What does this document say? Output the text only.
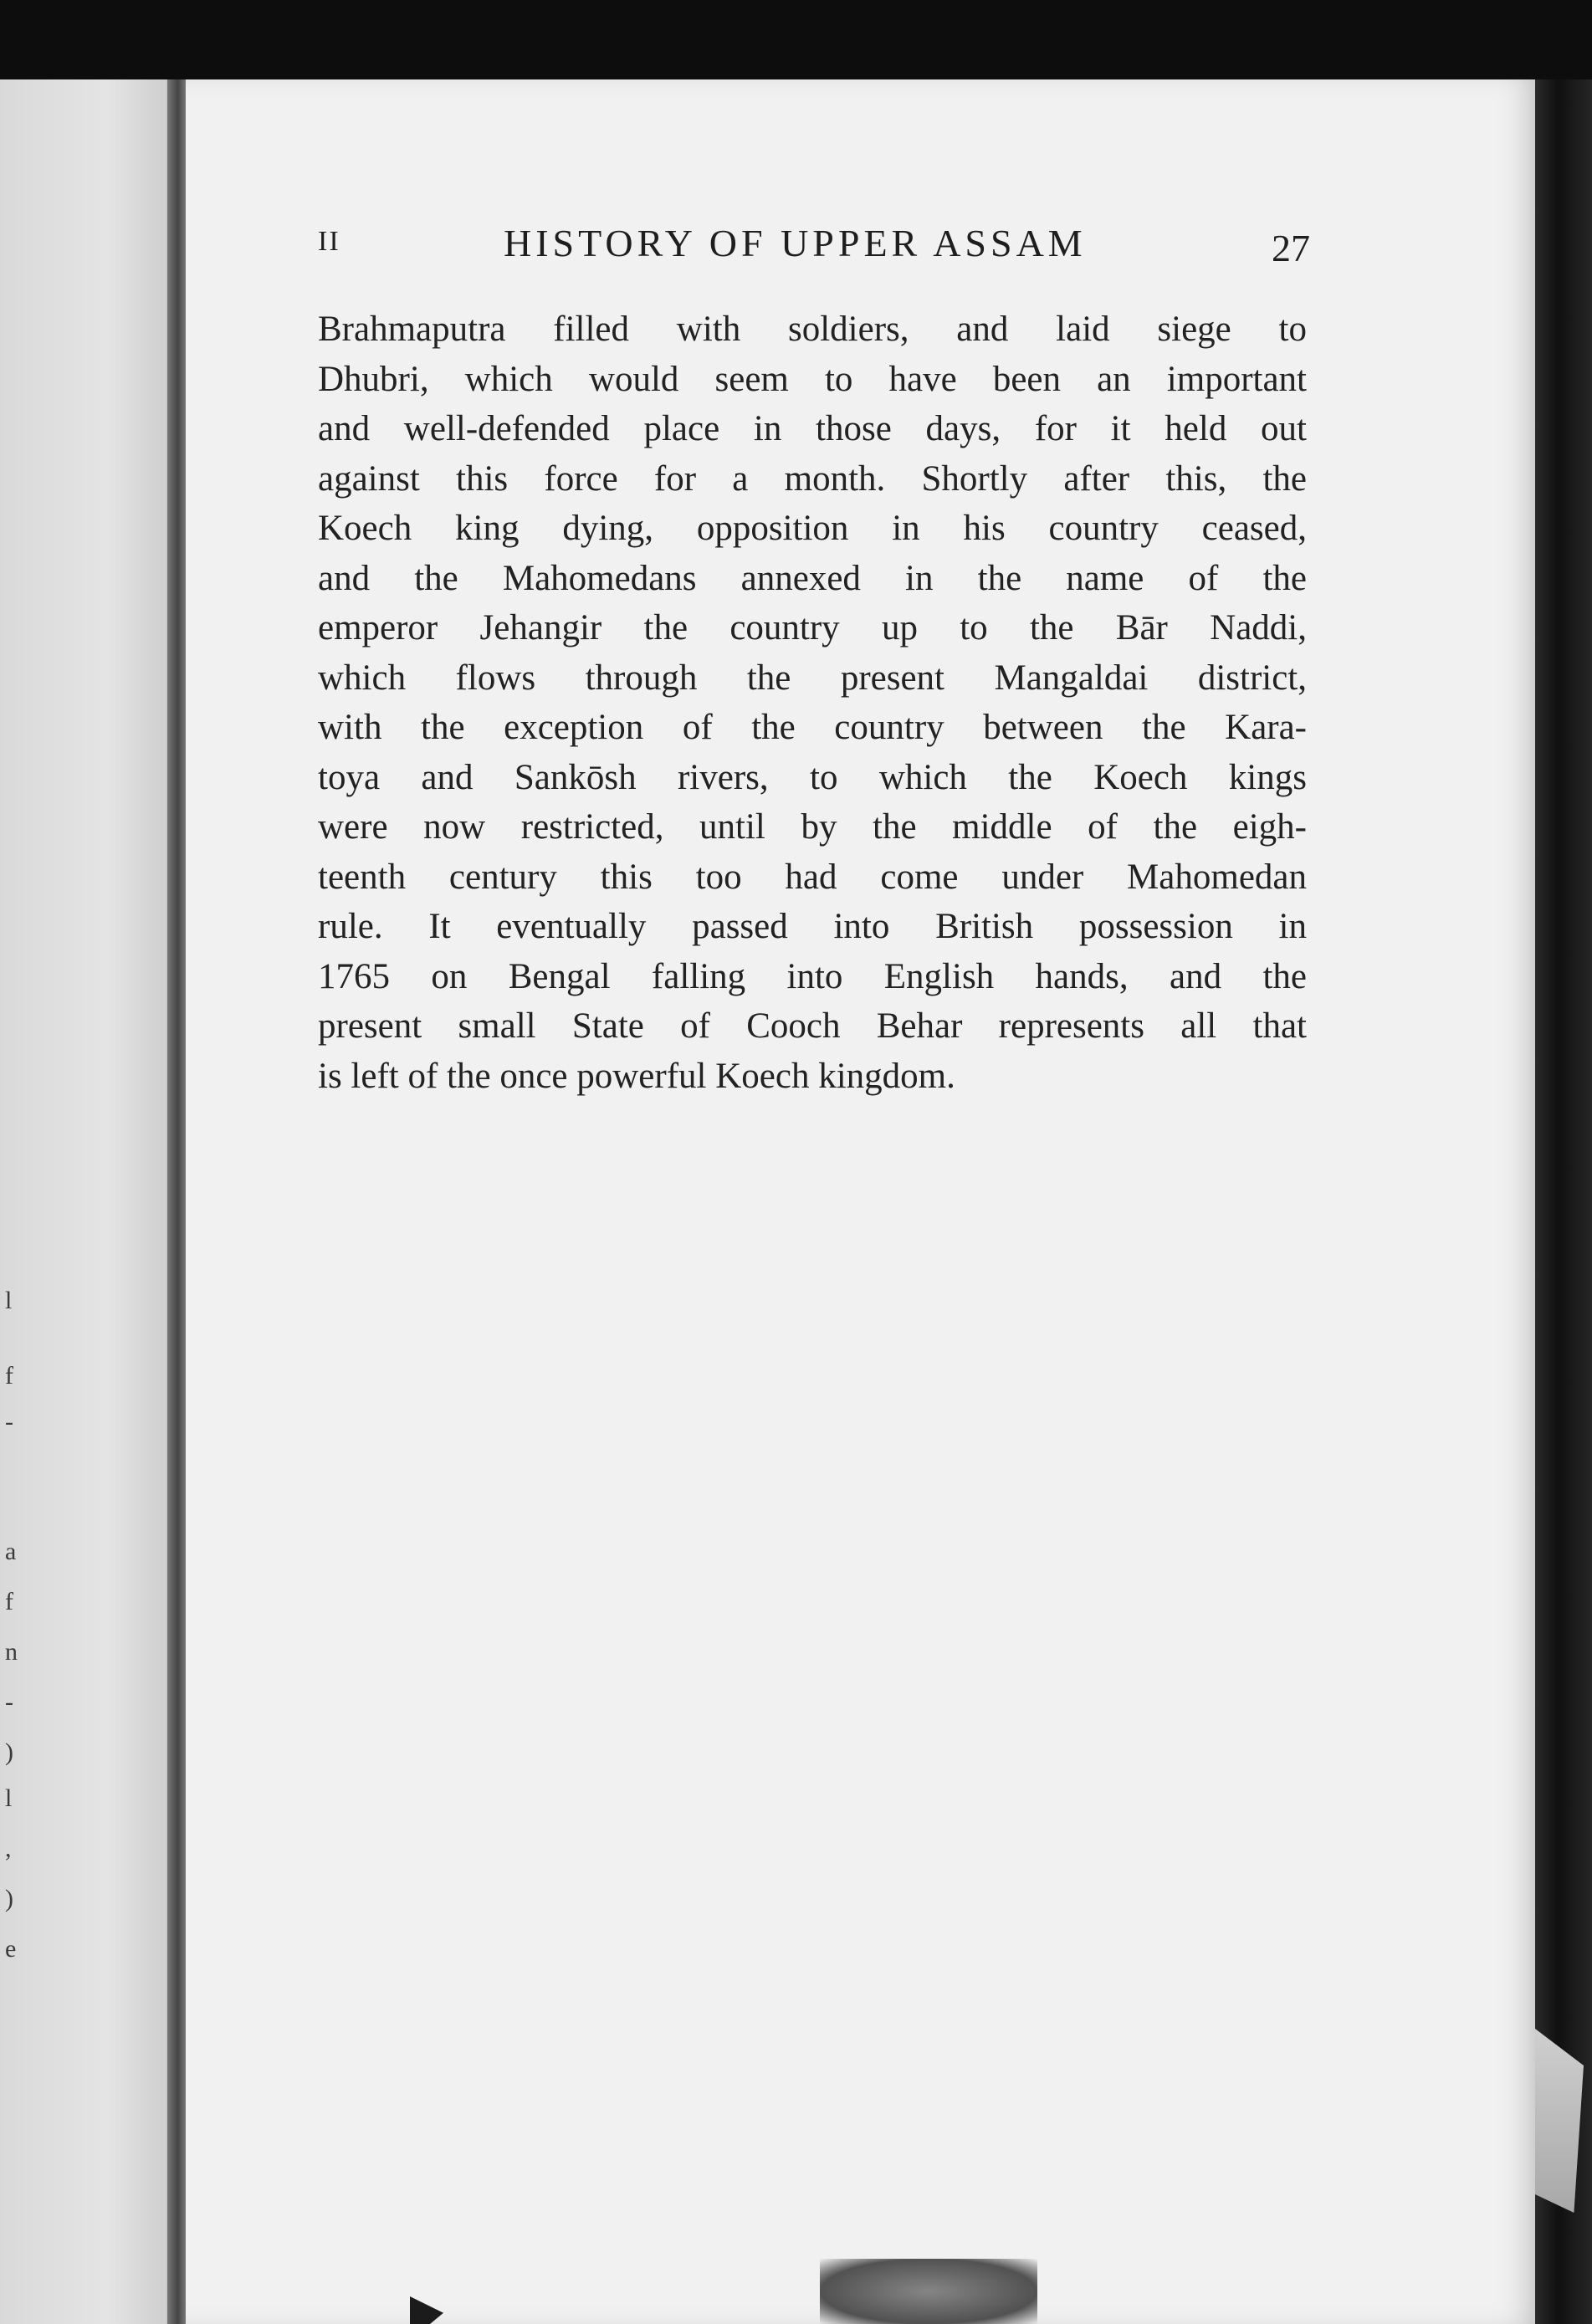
l
f
-
a
f
n
-
)
l
,
)
e
II	HISTORY OF UPPER ASSAM	27
Brahmaputra filled with soldiers, and laid siege to
Dhubri, which would seem to have been an important
and well-defended place in those days, for it held out
against this force for a month. Shortly after this, the
Koech king dying, opposition in his country ceased,
and the Mahomedans annexed in the name of the
emperor Jehangir the country up to the Bār Naddi,
which flows through the present Mangaldai district,
with the exception of the country between the Kara-
toya and Sankōsh rivers, to which the Koech kings
were now restricted, until by the middle of the eigh-
teenth century this too had come under Mahomedan
rule. It eventually passed into British possession in
1765 on Bengal falling into English hands, and the
present small State of Cooch Behar represents all that
is left of the once powerful Koech kingdom.
